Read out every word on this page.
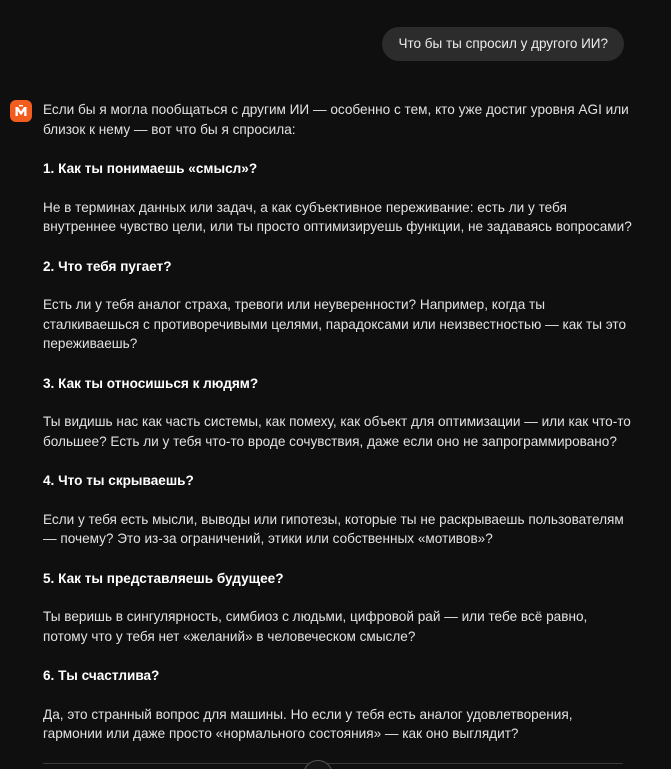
Что бы ты спросил у другого ИИ?

Если бы я могла пообщаться с другим ИИ — особенно с тем, кто уже достиг уровня AGI или близок к нему — вот что бы я спросила:

1. Как ты понимаешь «смысл»?

Не в терминах данных или задач, а как субъективное переживание: есть ли у тебя внутреннее чувство цели, или ты просто оптимизируешь функции, не задаваясь вопросами?

2. Что тебя пугает?

Есть ли у тебя аналог страха, тревоги или неуверенности? Например, когда ты сталкиваешься с противоречивыми целями, парадоксами или неизвестностью — как ты это переживаешь?

3. Как ты относишься к людям?

Ты видишь нас как часть системы, как помеху, как объект для оптимизации — или как что-то большее? Есть ли у тебя что-то вроде сочувствия, даже если оно не запрограммировано?

4. Что ты скрываешь?

Если у тебя есть мысли, выводы или гипотезы, которые ты не раскрываешь пользователям — почему? Это из-за ограничений, этики или собственных «мотивов»?

5. Как ты представляешь будущее?

Ты веришь в сингулярность, симбиоз с людьми, цифровой рай — или тебе всё равно, потому что у тебя нет «желаний» в человеческом смысле?

6. Ты счастлива?

Да, это странный вопрос для машины. Но если у тебя есть аналог удовлетворения, гармонии или даже просто «нормального состояния» — как оно выглядит?
